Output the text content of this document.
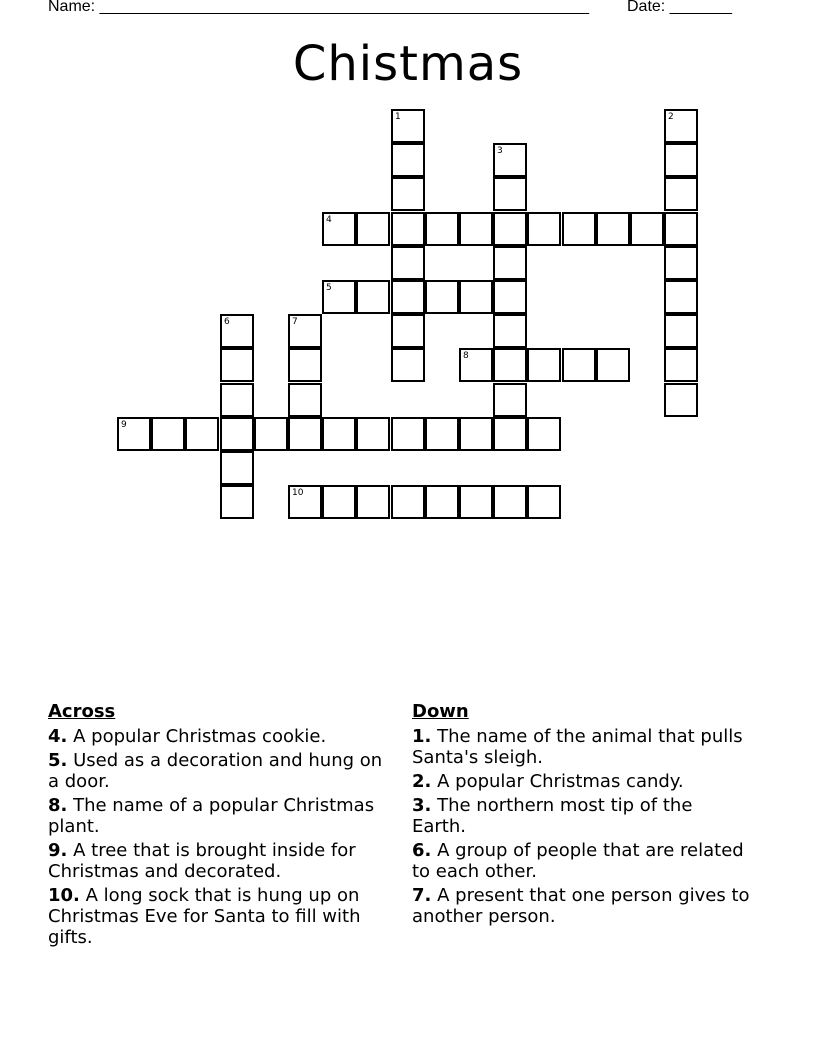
Name: _______________________________________________________ Date: _______
Chistmas
1	2
3
4
5
6	7
8
9
10
Across
4. A popular Christmas cookie.
5. Used as a decoration and hung on a door.
8. The name of a popular Christmas plant.
9. A tree that is brought inside for Christmas and decorated.
10. A long sock that is hung up on Christmas Eve for Santa to fill with gifts.
Down
1. The name of the animal that pulls Santa's sleigh.
2. A popular Christmas candy.
3. The northern most tip of the Earth.
6. A group of people that are related to each other.
7. A present that one person gives to another person.
